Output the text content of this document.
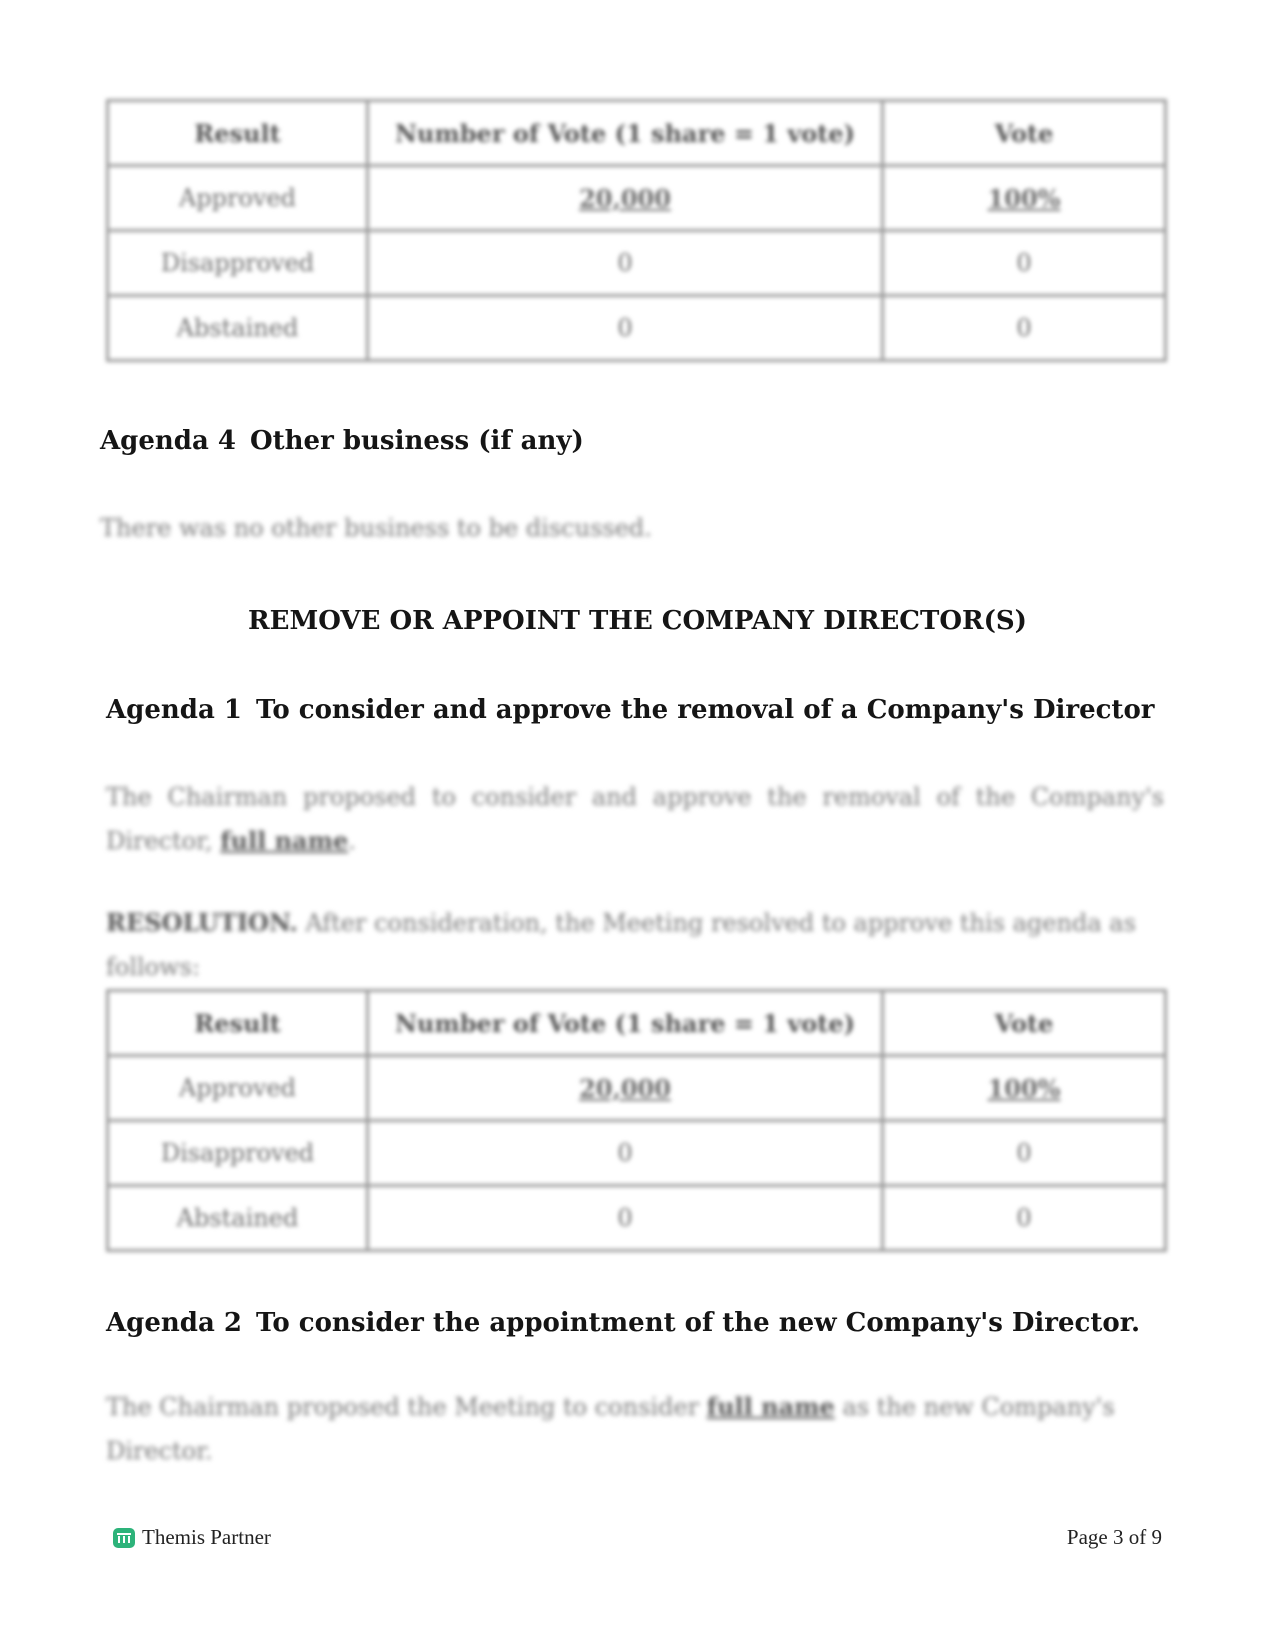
Result	Number of Vote (1 share = 1 vote)	Vote
Approved	20,000	100%
Disapproved	0	0
Abstained	0	0
Agenda 4 Other business (if any)
There was no other business to be discussed.
REMOVE OR APPOINT THE COMPANY DIRECTOR(S)
Agenda 1 To consider and approve the removal of a Company's Director
The Chairman proposed to consider and approve the removal of the Company's Director, full name.
RESOLUTION. After consideration, the Meeting resolved to approve this agenda as follows:
Result	Number of Vote (1 share = 1 vote)	Vote
Approved	20,000	100%
Disapproved	0	0
Abstained	0	0
Agenda 2 To consider the appointment of the new Company's Director.
The Chairman proposed the Meeting to consider full name as the new Company's Director.
Themis Partner	Page 3 of 9
